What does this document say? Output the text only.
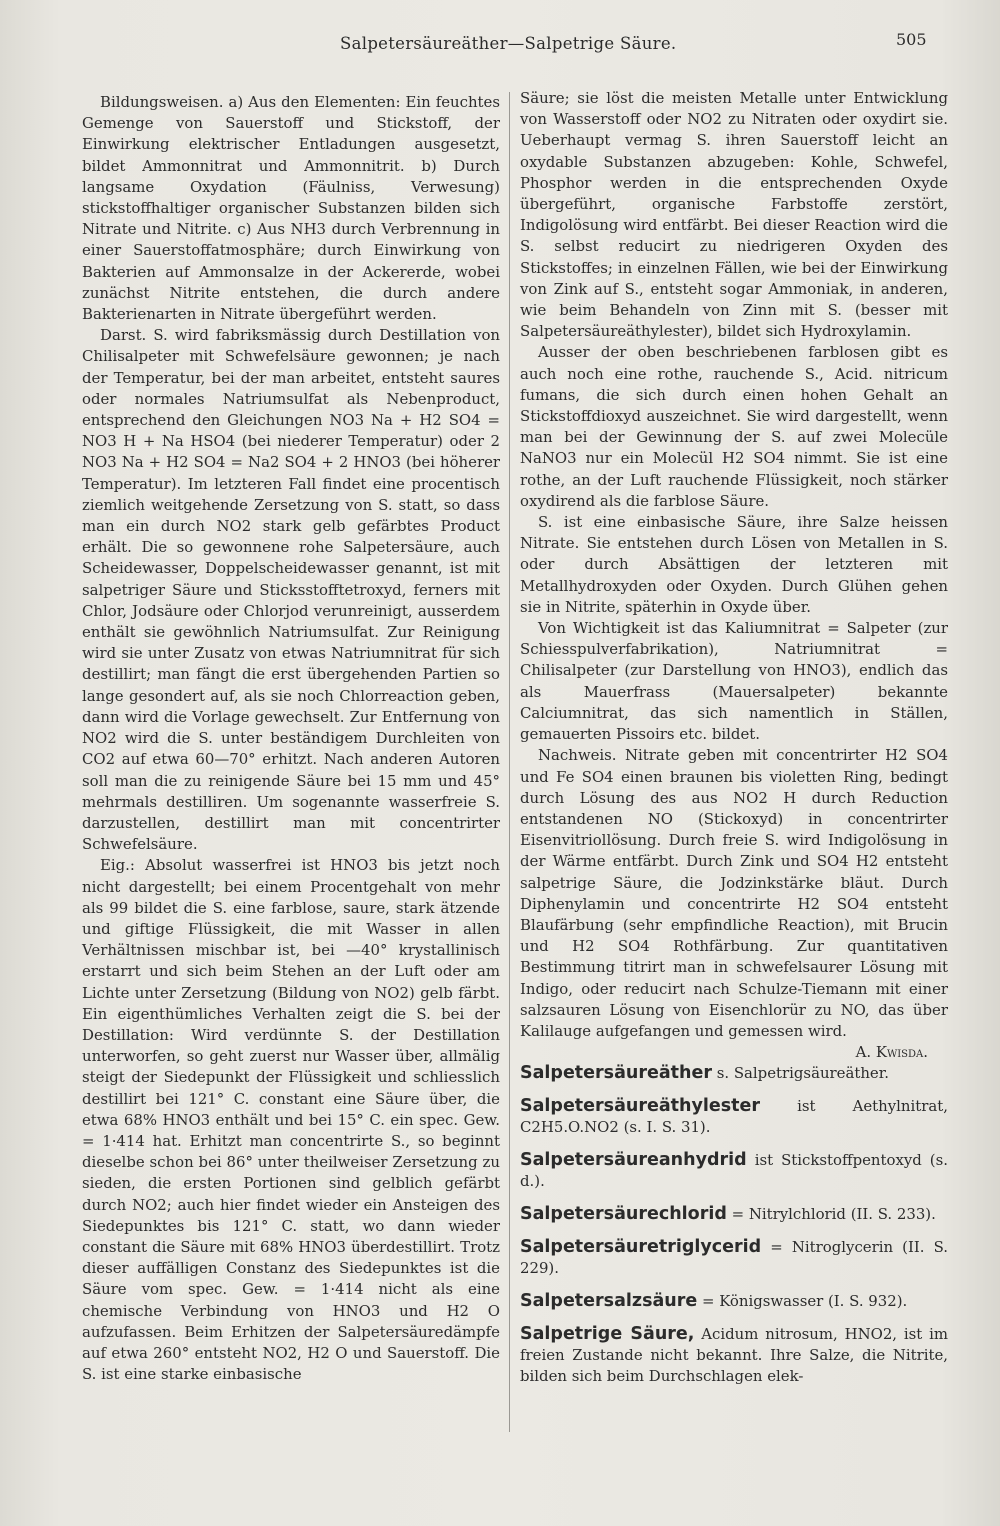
Salpetersäureäther—Salpetrige Säure.	505

Bildungsweisen. a) Aus den Elementen: Ein feuchtes Gemenge von Sauerstoff und Stickstoff, der Einwirkung elektrischer Entladungen ausgesetzt, bildet Ammonnitrat und Ammonnitrit. b) Durch langsame Oxydation (Fäulniss, Verwesung) stickstoffhaltiger organischer Substanzen bilden sich Nitrate und Nitrite. c) Aus NH3 durch Verbrennung in einer Sauerstoffatmosphäre; durch Einwirkung von Bakterien auf Ammonsalze in der Ackererde, wobei zunächst Nitrite entstehen, die durch andere Bakterienarten in Nitrate übergeführt werden.

Darst. S. wird fabriksmässig durch Destillation von Chilisalpeter mit Schwefelsäure gewonnen; je nach der Temperatur, bei der man arbeitet, entsteht saures oder normales Natriumsulfat als Nebenproduct, entsprechend den Gleichungen NO3 Na + H2 SO4 = NO3 H + Na HSO4 (bei niederer Temperatur) oder 2 NO3 Na + H2 SO4 = Na2 SO4 + 2 HNO3 (bei höherer Temperatur). Im letzteren Fall findet eine procentisch ziemlich weitgehende Zersetzung von S. statt, so dass man ein durch NO2 stark gelb gefärbtes Product erhält. Die so gewonnene rohe Salpetersäure, auch Scheidewasser, Doppelscheidewasser genannt, ist mit salpetriger Säure und Sticksstofftetroxyd, ferners mit Chlor, Jodsäure oder Chlorjod verunreinigt, ausserdem enthält sie gewöhnlich Natriumsulfat. Zur Reinigung wird sie unter Zusatz von etwas Natriumnitrat für sich destillirt; man fängt die erst übergehenden Partien so lange gesondert auf, als sie noch Chlorreaction geben, dann wird die Vorlage gewechselt. Zur Entfernung von NO2 wird die S. unter beständigem Durchleiten von CO2 auf etwa 60—70° erhitzt. Nach anderen Autoren soll man die zu reinigende Säure bei 15 mm und 45° mehrmals destilliren. Um sogenannte wasserfreie S. darzustellen, destillirt man mit concentrirter Schwefelsäure.

Eig.: Absolut wasserfrei ist HNO3 bis jetzt noch nicht dargestellt; bei einem Procentgehalt von mehr als 99 bildet die S. eine farblose, saure, stark ätzende und giftige Flüssigkeit, die mit Wasser in allen Verhältnissen mischbar ist, bei —40° krystallinisch erstarrt und sich beim Stehen an der Luft oder am Lichte unter Zersetzung (Bildung von NO2) gelb färbt. Ein eigenthümliches Verhalten zeigt die S. bei der Destillation: Wird verdünnte S. der Destillation unterworfen, so geht zuerst nur Wasser über, allmälig steigt der Siedepunkt der Flüssigkeit und schliesslich destillirt bei 121° C. constant eine Säure über, die etwa 68% HNO3 enthält und bei 15° C. ein spec. Gew. = 1·414 hat. Erhitzt man concentrirte S., so beginnt dieselbe schon bei 86° unter theilweiser Zersetzung zu sieden, die ersten Portionen sind gelblich gefärbt durch NO2; auch hier findet wieder ein Ansteigen des Siedepunktes bis 121° C. statt, wo dann wieder constant die Säure mit 68% HNO3 überdestillirt. Trotz dieser auffälligen Constanz des Siedepunktes ist die Säure vom spec. Gew. = 1·414 nicht als eine chemische Verbindung von HNO3 und H2 O aufzufassen. Beim Erhitzen der Salpetersäuredämpfe auf etwa 260° entsteht NO2, H2 O und Sauerstoff. Die S. ist eine starke einbasische

Säure; sie löst die meisten Metalle unter Entwicklung von Wasserstoff oder NO2 zu Nitraten oder oxydirt sie. Ueberhaupt vermag S. ihren Sauerstoff leicht an oxydable Substanzen abzugeben: Kohle, Schwefel, Phosphor werden in die entsprechenden Oxyde übergeführt, organische Farbstoffe zerstört, Indigolösung wird entfärbt. Bei dieser Reaction wird die S. selbst reducirt zu niedrigeren Oxyden des Stickstoffes; in einzelnen Fällen, wie bei der Einwirkung von Zink auf S., entsteht sogar Ammoniak, in anderen, wie beim Behandeln von Zinn mit S. (besser mit Salpetersäureäthylester), bildet sich Hydroxylamin.

Ausser der oben beschriebenen farblosen gibt es auch noch eine rothe, rauchende S., Acid. nitricum fumans, die sich durch einen hohen Gehalt an Stickstoffdioxyd auszeichnet. Sie wird dargestellt, wenn man bei der Gewinnung der S. auf zwei Molecüle NaNO3 nur ein Molecül H2 SO4 nimmt. Sie ist eine rothe, an der Luft rauchende Flüssigkeit, noch stärker oxydirend als die farblose Säure.

S. ist eine einbasische Säure, ihre Salze heissen Nitrate. Sie entstehen durch Lösen von Metallen in S. oder durch Absättigen der letzteren mit Metallhydroxyden oder Oxyden. Durch Glühen gehen sie in Nitrite, späterhin in Oxyde über.

Von Wichtigkeit ist das Kaliumnitrat = Salpeter (zur Schiesspulverfabrikation), Natriumnitrat = Chilisalpeter (zur Darstellung von HNO3), endlich das als Mauerfrass (Mauersalpeter) bekannte Calciumnitrat, das sich namentlich in Ställen, gemauerten Pissoirs etc. bildet.

Nachweis. Nitrate geben mit concentrirter H2 SO4 und Fe SO4 einen braunen bis violetten Ring, bedingt durch Lösung des aus NO2 H durch Reduction entstandenen NO (Stickoxyd) in concentrirter Eisenvitriollösung. Durch freie S. wird Indigolösung in der Wärme entfärbt. Durch Zink und SO4 H2 entsteht salpetrige Säure, die Jodzinkstärke bläut. Durch Diphenylamin und concentrirte H2 SO4 entsteht Blaufärbung (sehr empfindliche Reaction), mit Brucin und H2 SO4 Rothfärbung. Zur quantitativen Bestimmung titrirt man in schwefelsaurer Lösung mit Indigo, oder reducirt nach Schulze-Tiemann mit einer salzsauren Lösung von Eisenchlorür zu NO, das über Kalilauge aufgefangen und gemessen wird.

A. Kwisda.

Salpetersäureäther s. Salpetrigsäureäther.

Salpetersäureäthylester ist Aethylnitrat, C2H5.O.NO2 (s. I. S. 31).

Salpetersäureanhydrid ist Stickstoffpentoxyd (s. d.).

Salpetersäurechlorid = Nitrylchlorid (II. S. 233).

Salpetersäuretriglycerid = Nitroglycerin (II. S. 229).

Salpetersalzsäure = Königswasser (I. S. 932).

Salpetrige Säure, Acidum nitrosum, HNO2, ist im freien Zustande nicht bekannt. Ihre Salze, die Nitrite, bilden sich beim Durchschlagen elek-
